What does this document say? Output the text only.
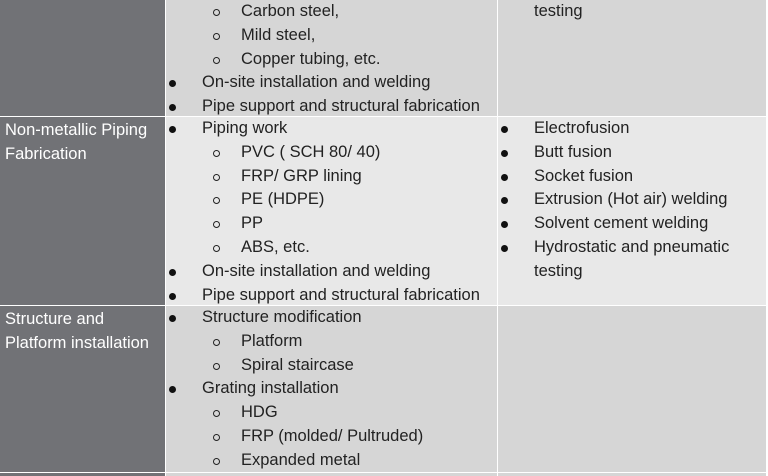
Carbon steel,
Mild steel,
Copper tubing, etc.
On-site installation and welding
Pipe support and structural fabrication
testing
Non-metallic Piping
Fabrication
Piping work
PVC ( SCH 80/ 40)
FRP/ GRP lining
PE (HDPE)
PP
ABS, etc.
On-site installation and welding
Pipe support and structural fabrication
Electrofusion
Butt fusion
Socket fusion
Extrusion (Hot air) welding
Solvent cement welding
Hydrostatic and pneumatic
testing
Structure and
Platform installation
Structure modification
Platform
Spiral staircase
Grating installation
HDG
FRP (molded/ Pultruded)
Expanded metal
